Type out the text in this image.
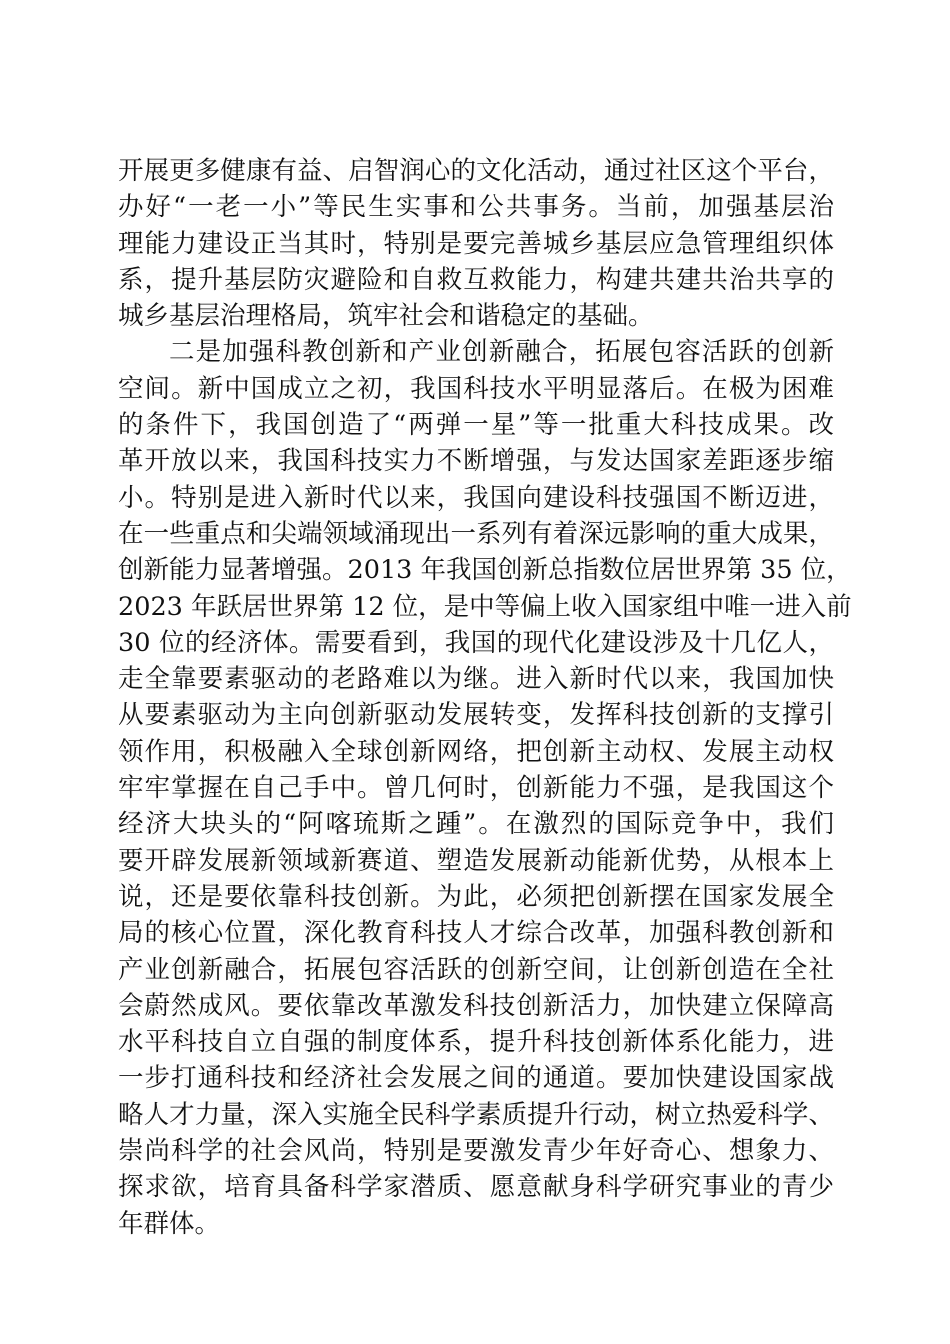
开展更多健康有益、启智润心的文化活动，通过社区这个平台，
办好“一老一小”等民生实事和公共事务。当前，加强基层治
理能力建设正当其时，特别是要完善城乡基层应急管理组织体
系，提升基层防灾避险和自救互救能力，构建共建共治共享的
城乡基层治理格局，筑牢社会和谐稳定的基础。
二是加强科教创新和产业创新融合，拓展包容活跃的创新
空间。新中国成立之初，我国科技水平明显落后。在极为困难
的条件下，我国创造了“两弹一星”等一批重大科技成果。改
革开放以来，我国科技实力不断增强，与发达国家差距逐步缩
小。特别是进入新时代以来，我国向建设科技强国不断迈进，
在一些重点和尖端领域涌现出一系列有着深远影响的重大成果，
创新能力显著增强。2013 年我国创新总指数位居世界第 35 位，
2023 年跃居世界第 12 位，是中等偏上收入国家组中唯一进入前
30 位的经济体。需要看到，我国的现代化建设涉及十几亿人，
走全靠要素驱动的老路难以为继。进入新时代以来，我国加快
从要素驱动为主向创新驱动发展转变，发挥科技创新的支撑引
领作用，积极融入全球创新网络，把创新主动权、发展主动权
牢牢掌握在自己手中。曾几何时，创新能力不强，是我国这个
经济大块头的“阿喀琉斯之踵”。在激烈的国际竞争中，我们
要开辟发展新领域新赛道、塑造发展新动能新优势，从根本上
说，还是要依靠科技创新。为此，必须把创新摆在国家发展全
局的核心位置，深化教育科技人才综合改革，加强科教创新和
产业创新融合，拓展包容活跃的创新空间，让创新创造在全社
会蔚然成风。要依靠改革激发科技创新活力，加快建立保障高
水平科技自立自强的制度体系，提升科技创新体系化能力，进
一步打通科技和经济社会发展之间的通道。要加快建设国家战
略人才力量，深入实施全民科学素质提升行动，树立热爱科学、
崇尚科学的社会风尚，特别是要激发青少年好奇心、想象力、
探求欲，培育具备科学家潜质、愿意献身科学研究事业的青少
年群体。
